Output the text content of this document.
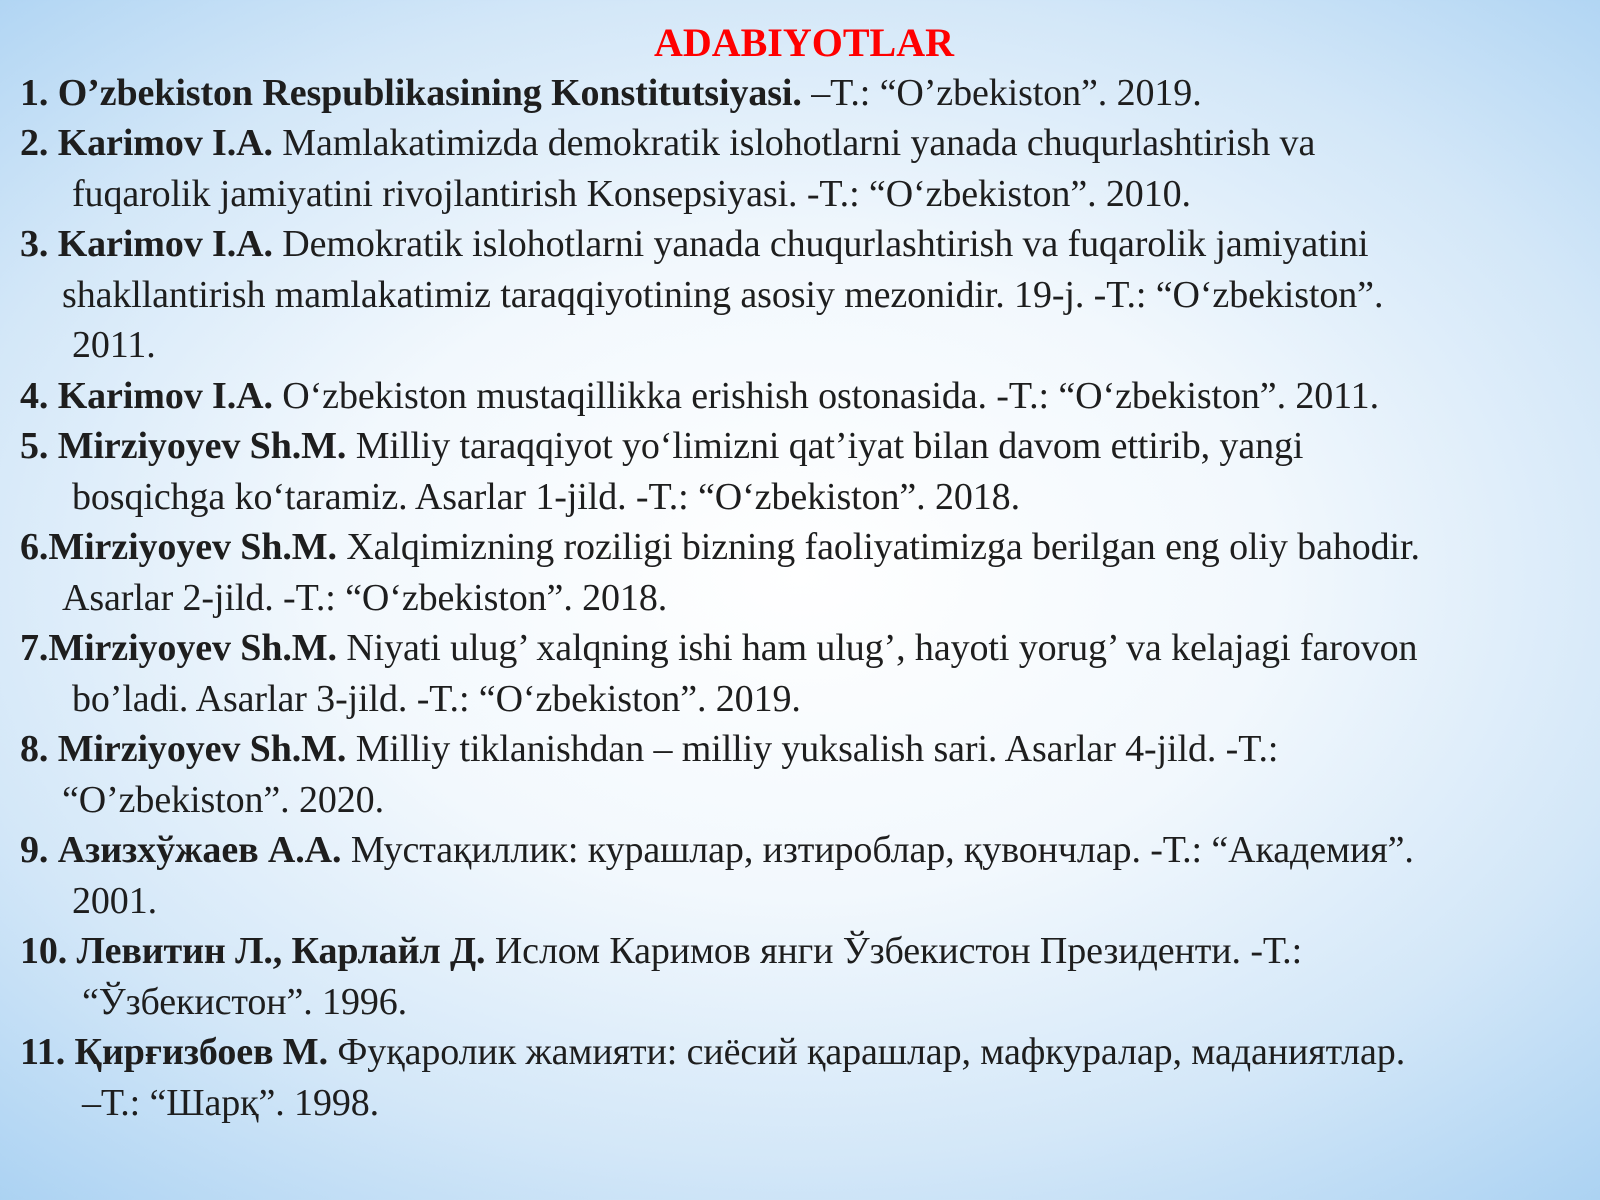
ADABIYOTLAR
1. O’zbekiston Respublikasining Konstitutsiyasi. –T.: “O’zbekiston”. 2019.
2. Karimov I.A. Mamlakatimizda demokratik islohotlarni yanada chuqurlashtirish va
fuqarolik jamiyatini rivojlantirish Konsepsiyasi. -T.: “O‘zbekiston”. 2010.
3. Karimov I.A. Demokratik islohotlarni yanada chuqurlashtirish va fuqarolik jamiyatini
shakllantirish mamlakatimiz taraqqiyotining asosiy mezonidir. 19-j. -T.: “O‘zbekiston”.
2011.
4. Karimov I.A. O‘zbekiston mustaqillikka erishish ostonasida. -T.: “O‘zbekiston”. 2011.
5. Mirziyoyev Sh.M. Milliy taraqqiyot yo‘limizni qat’iyat bilan davom ettirib, yangi
bosqichga ko‘taramiz. Asarlar 1-jild. -T.: “O‘zbekiston”. 2018.
6.Mirziyoyev Sh.M. Xalqimizning roziligi bizning faoliyatimizga berilgan eng oliy bahodir.
Asarlar 2-jild. -T.: “O‘zbekiston”. 2018.
7.Mirziyoyev Sh.M. Niyati ulug’ xalqning ishi ham ulug’, hayoti yorug’ va kelajagi farovon
bo’ladi. Asarlar 3-jild. -T.: “O‘zbekiston”. 2019.
8. Mirziyoyev Sh.M. Milliy tiklanishdan – milliy yuksalish sari. Asarlar 4-jild. -T.:
“O’zbekiston”. 2020.
9. Азизхўжаев А.А. Мустақиллик: курашлар, изтироблар, қувончлар. -Т.: “Академия”.
2001.
10. Левитин Л., Карлайл Д. Ислом Каримов янги Ўзбекистон Президенти. -Т.:
“Ўзбекистон”. 1996.
11. Қирғизбоев М. Фуқаролик жамияти: сиёсий қарашлар, мафкуралар, маданиятлар.
–Т.: “Шарқ”. 1998.
